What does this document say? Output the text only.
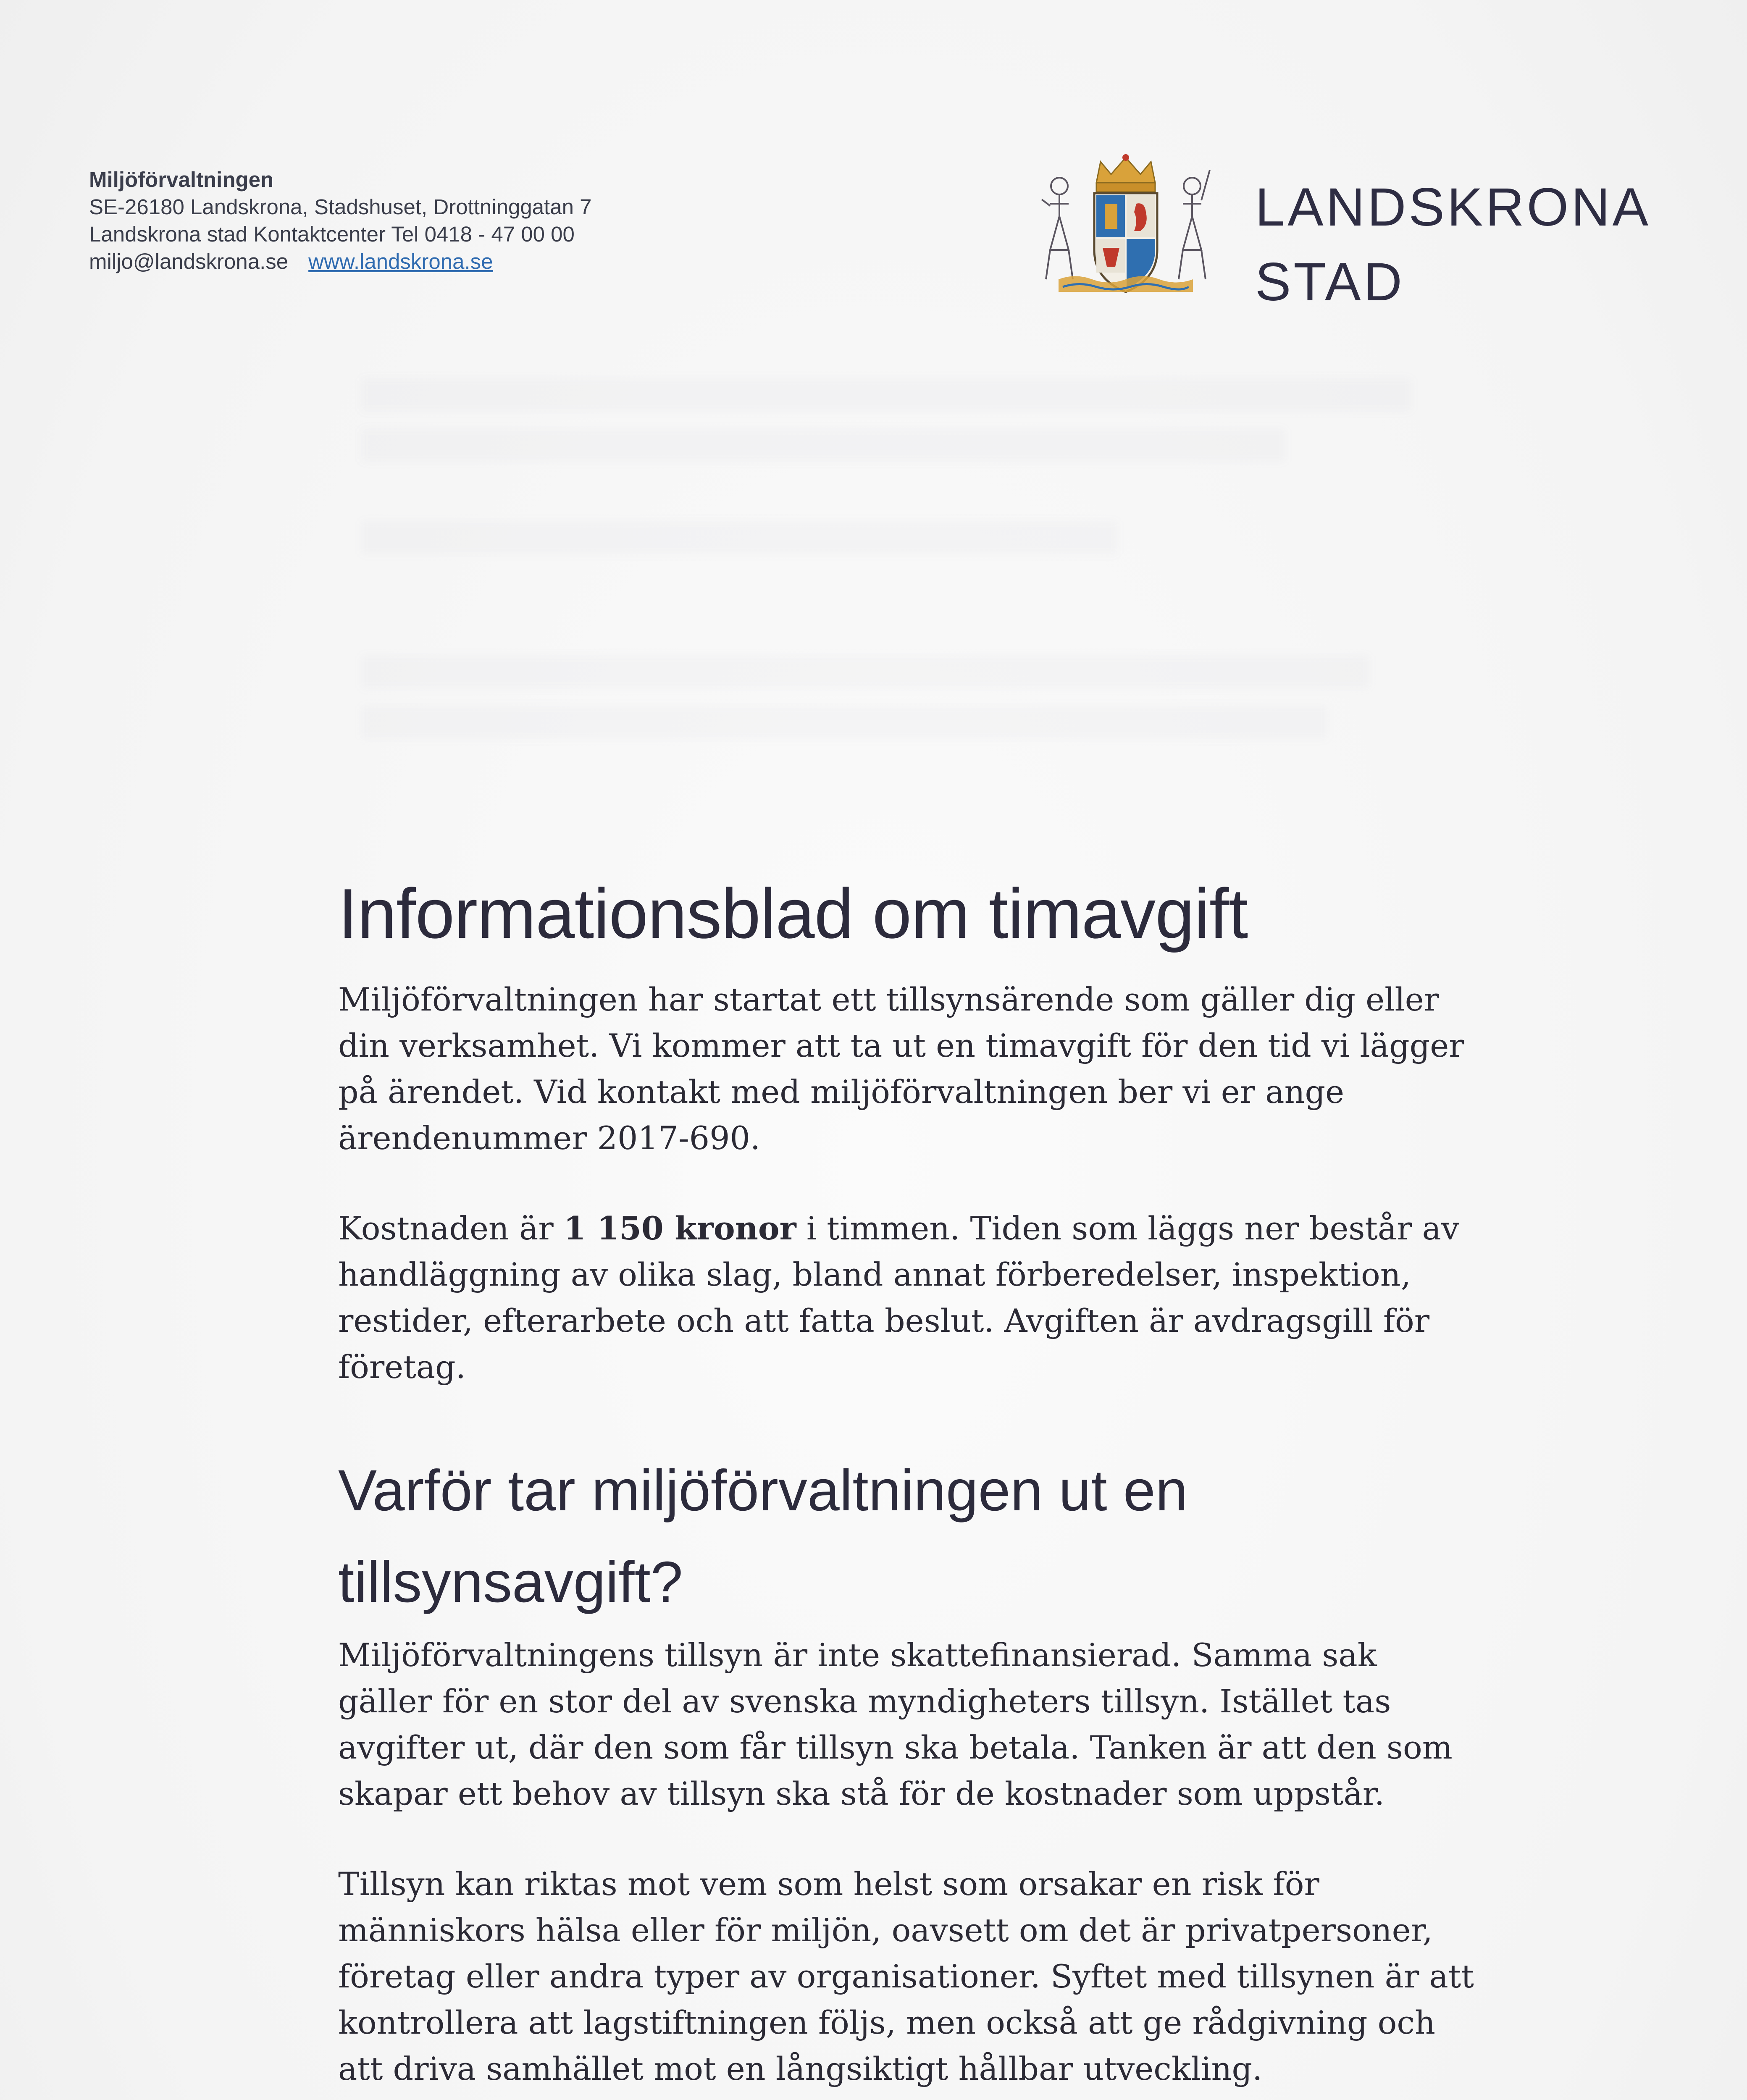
Miljöförvaltningen
SE-26180 Landskrona, Stadshuset, Drottninggatan 7
Landskrona stad Kontaktcenter Tel 0418 - 47 00 00
miljo@landskrona.se www.landskrona.se
LANDSKRONA
STAD
Informationsblad om timavgift

Miljöförvaltningen har startat ett tillsynsärende som gäller dig eller din verksamhet. Vi kommer att ta ut en timavgift för den tid vi lägger på ärendet. Vid kontakt med miljöförvaltningen ber vi er ange ärendenummer 2017-690.

Kostnaden är 1 150 kronor i timmen. Tiden som läggs ner består av handläggning av olika slag, bland annat förberedelser, inspektion, restider, efterarbete och att fatta beslut. Avgiften är avdragsgill för företag.

Varför tar miljöförvaltningen ut en tillsynsavgift?

Miljöförvaltningens tillsyn är inte skattefinansierad. Samma sak gäller för en stor del av svenska myndigheters tillsyn. Istället tas avgifter ut, där den som får tillsyn ska betala. Tanken är att den som skapar ett behov av tillsyn ska stå för de kostnader som uppstår.

Tillsyn kan riktas mot vem som helst som orsakar en risk för människors hälsa eller för miljön, oavsett om det är privatpersoner, företag eller andra typer av organisationer. Syftet med tillsynen är att kontrollera att lagstiftningen följs, men också att ge rådgivning och att driva samhället mot en långsiktigt hållbar utveckling.
